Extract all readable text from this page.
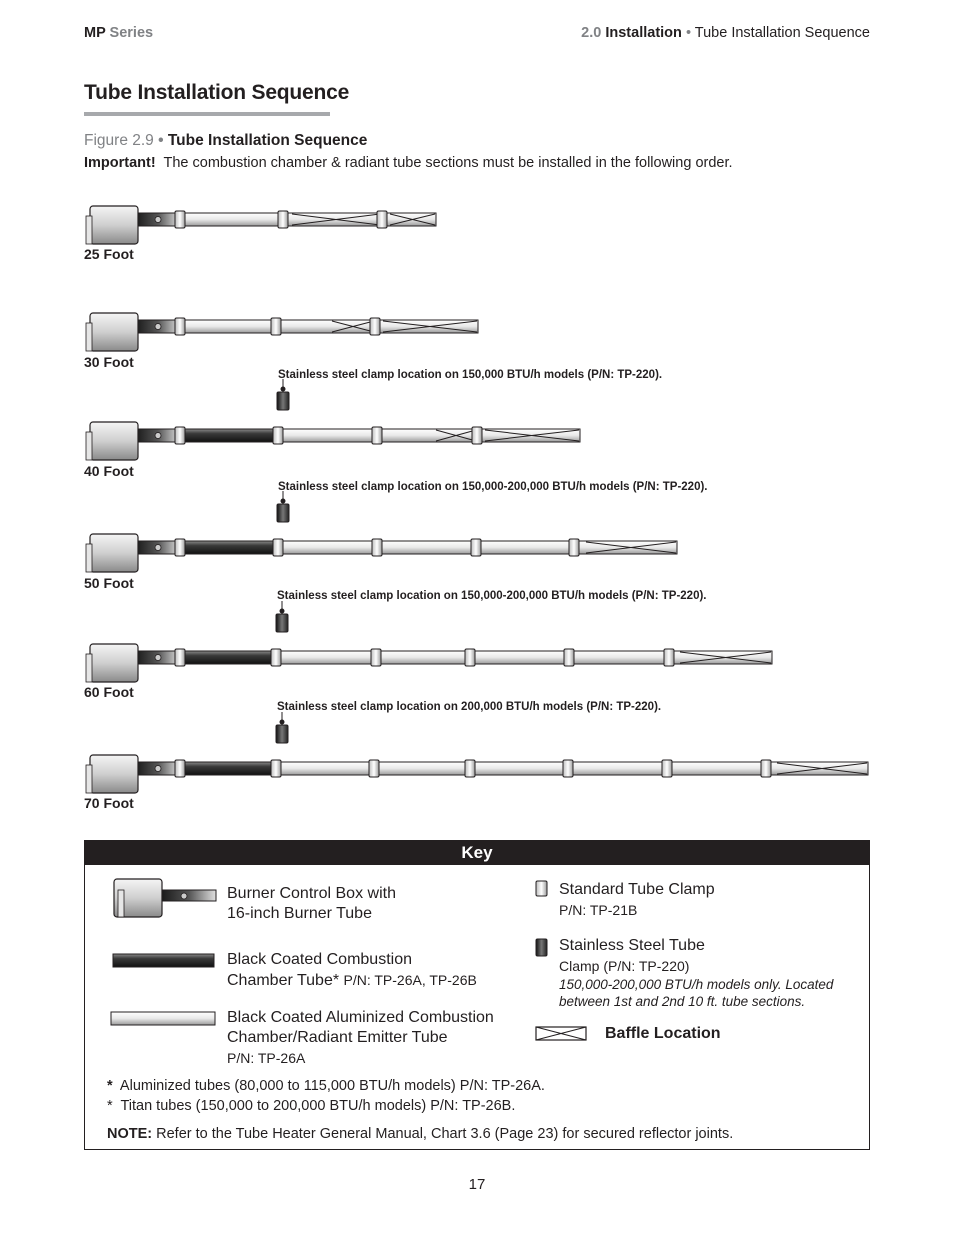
MP Series	2.0 Installation • Tube Installation Sequence
Tube Installation Sequence
Figure 2.9 • Tube Installation Sequence
Important! The combustion chamber & radiant tube sections must be installed in the following order.
25 Foot
30 Foot
40 Foot
50 Foot
60 Foot
70 Foot
Stainless steel clamp location on 150,000 BTU/h models (P/N: TP-220).
Stainless steel clamp location on 150,000-200,000 BTU/h models (P/N: TP-220).
Stainless steel clamp location on 150,000-200,000 BTU/h models (P/N: TP-220).
Stainless steel clamp location on 200,000 BTU/h models (P/N: TP-220).
Key
Burner Control Box with
16-inch Burner Tube
Black Coated Combustion
Chamber Tube* P/N: TP-26A, TP-26B
Black Coated Aluminized Combustion
Chamber/Radiant Emitter Tube
P/N: TP-26A
Standard Tube Clamp
P/N: TP-21B
Stainless Steel Tube
Clamp (P/N: TP-220)
150,000-200,000 BTU/h models only. Located
between 1st and 2nd 10 ft. tube sections.
Baffle Location
* Aluminized tubes (80,000 to 115,000 BTU/h models) P/N: TP-26A.
* Titan tubes (150,000 to 200,000 BTU/h models) P/N: TP-26B.
NOTE: Refer to the Tube Heater General Manual, Chart 3.6 (Page 23) for secured reflector joints.
17
